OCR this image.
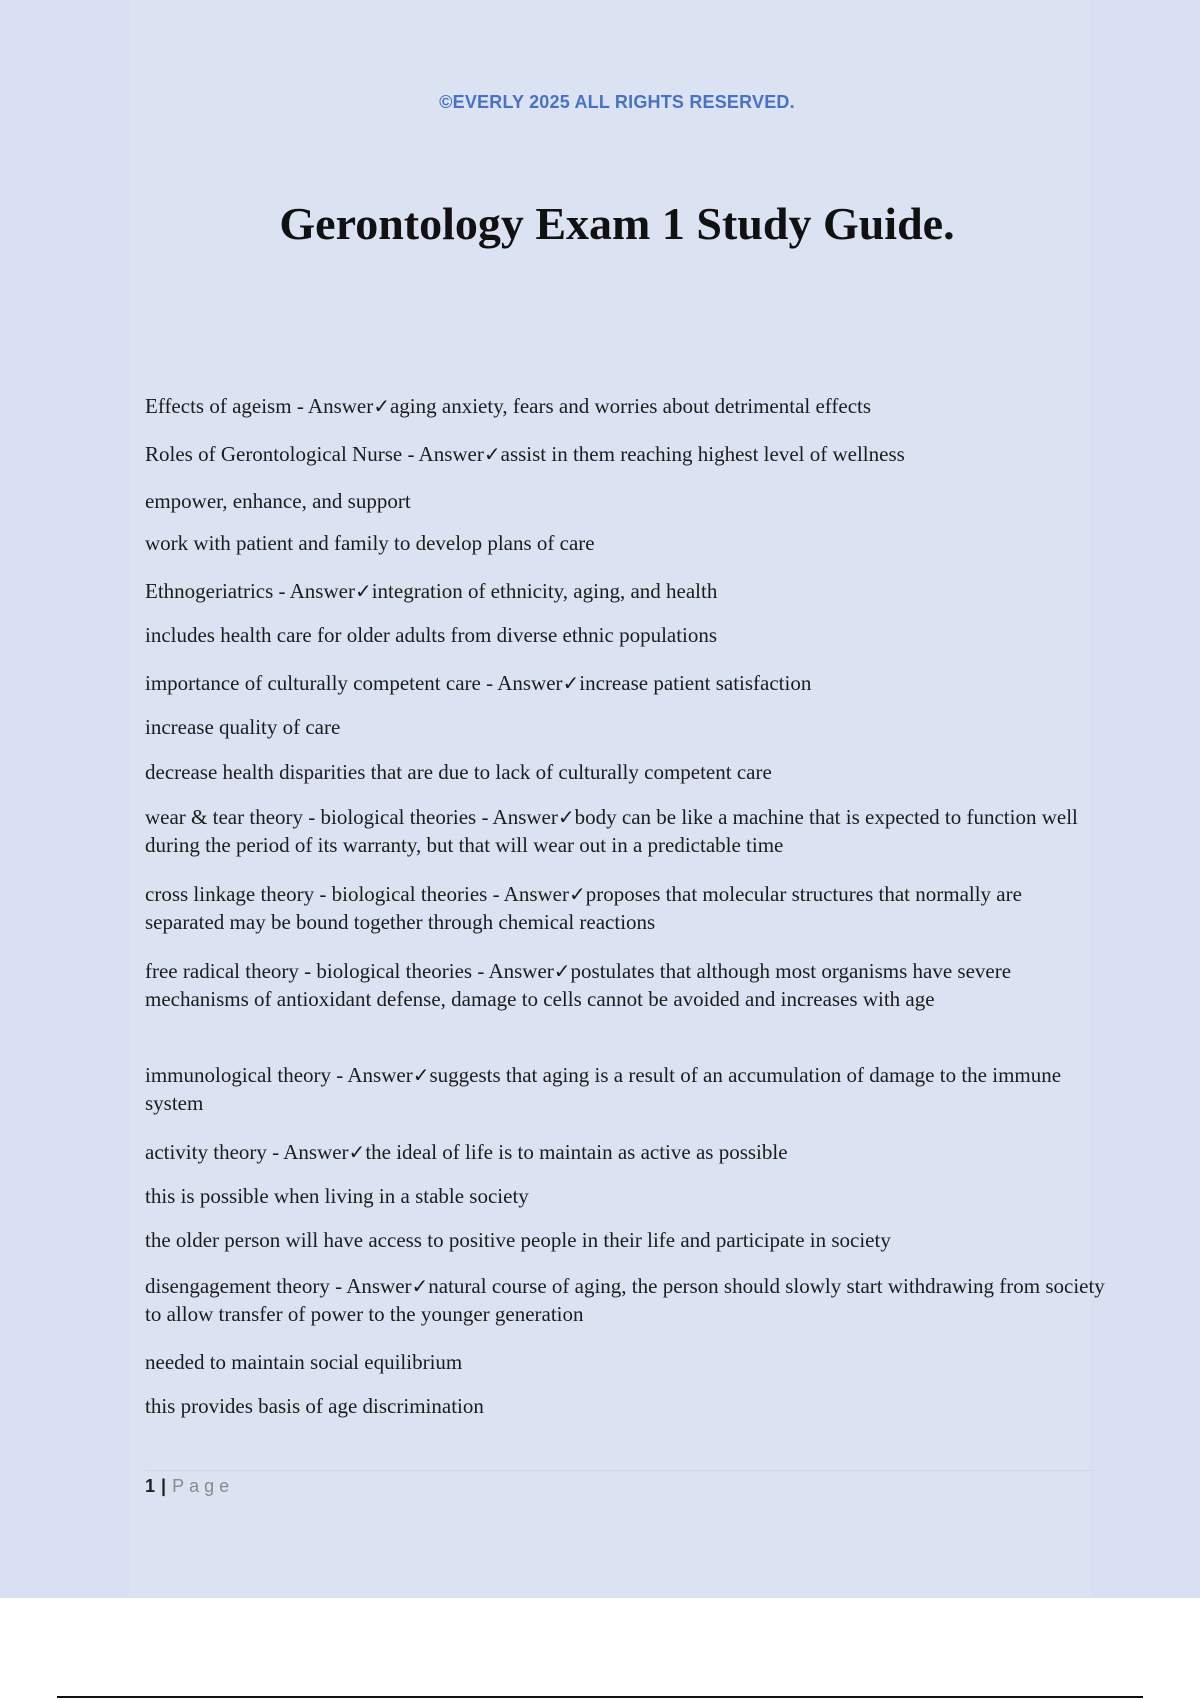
©EVERLY 2025 ALL RIGHTS RESERVED.
Gerontology Exam 1 Study Guide.

Effects of ageism - Answer✓aging anxiety, fears and worries about detrimental effects

Roles of Gerontological Nurse - Answer✓assist in them reaching highest level of wellness

empower, enhance, and support

work with patient and family to develop plans of care

Ethnogeriatrics - Answer✓integration of ethnicity, aging, and health

includes health care for older adults from diverse ethnic populations

importance of culturally competent care - Answer✓increase patient satisfaction

increase quality of care

decrease health disparities that are due to lack of culturally competent care

wear & tear theory - biological theories - Answer✓body can be like a machine that is expected to function well during the period of its warranty, but that will wear out in a predictable time

cross linkage theory - biological theories - Answer✓proposes that molecular structures that normally are separated may be bound together through chemical reactions

free radical theory - biological theories - Answer✓postulates that although most organisms have severe mechanisms of antioxidant defense, damage to cells cannot be avoided and increases with age

immunological theory - Answer✓suggests that aging is a result of an accumulation of damage to the immune system

activity theory - Answer✓the ideal of life is to maintain as active as possible

this is possible when living in a stable society

the older person will have access to positive people in their life and participate in society

disengagement theory - Answer✓natural course of aging, the person should slowly start withdrawing from society to allow transfer of power to the younger generation

needed to maintain social equilibrium

this provides basis of age discrimination

1 | Page
